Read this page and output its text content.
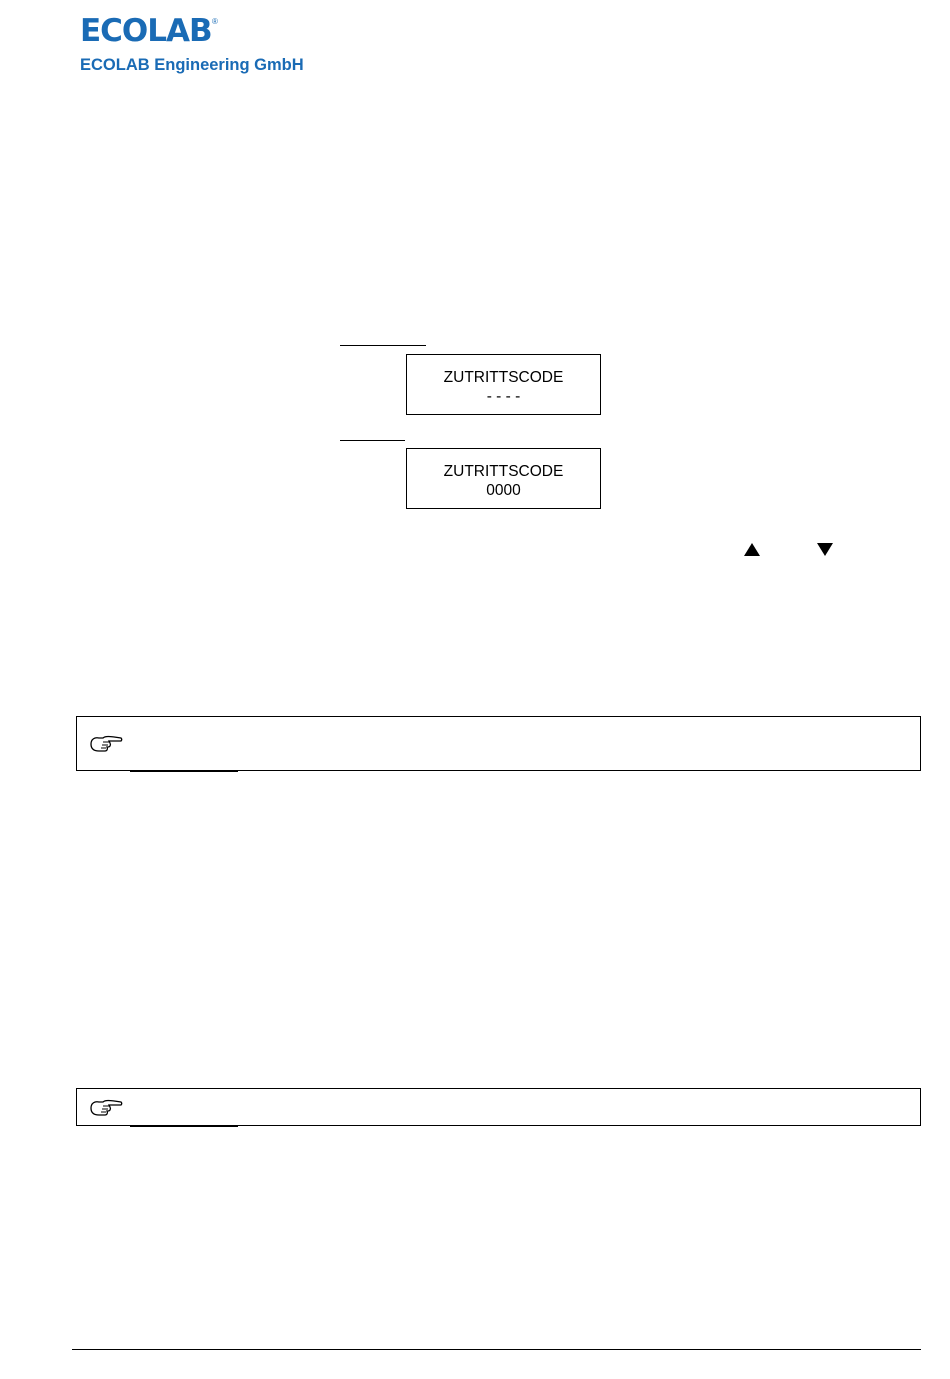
ECOLAB ®
ECOLAB Engineering GmbH
ZUTRITTSCODE
- - - -
ZUTRITTSCODE
0000
